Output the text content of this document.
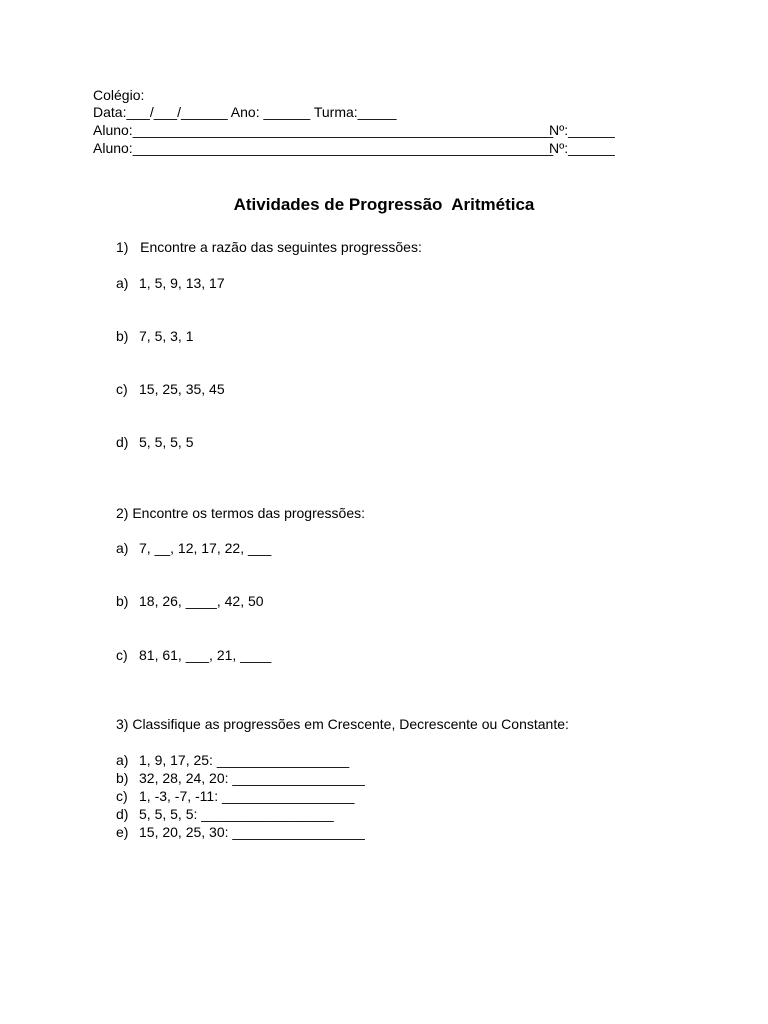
Colégio:
Data:___/___/______ Ano: ______ Turma:_____
Aluno:______________________________________________________
Nº:______
Aluno:______________________________________________________
Nº:______
Atividades de Progressão  Aritmética
1)   Encontre a razão das seguintes progressões:
a) 1, 5, 9, 13, 17
b) 7, 5, 3, 1
c) 15, 25, 35, 45
d) 5, 5, 5, 5
2) Encontre os termos das progressões:
a) 7, __, 12, 17, 22, ___
b) 18, 26, ____, 42, 50
c) 81, 61, ___, 21, ____
3) Classifique as progressões em Crescente, Decrescente ou Constante:
a) 1, 9, 17, 25: _________________
b) 32, 28, 24, 20: _________________
c) 1, -3, -7, -11: _________________
d) 5, 5, 5, 5: _________________
e) 15, 20, 25, 30: _________________
